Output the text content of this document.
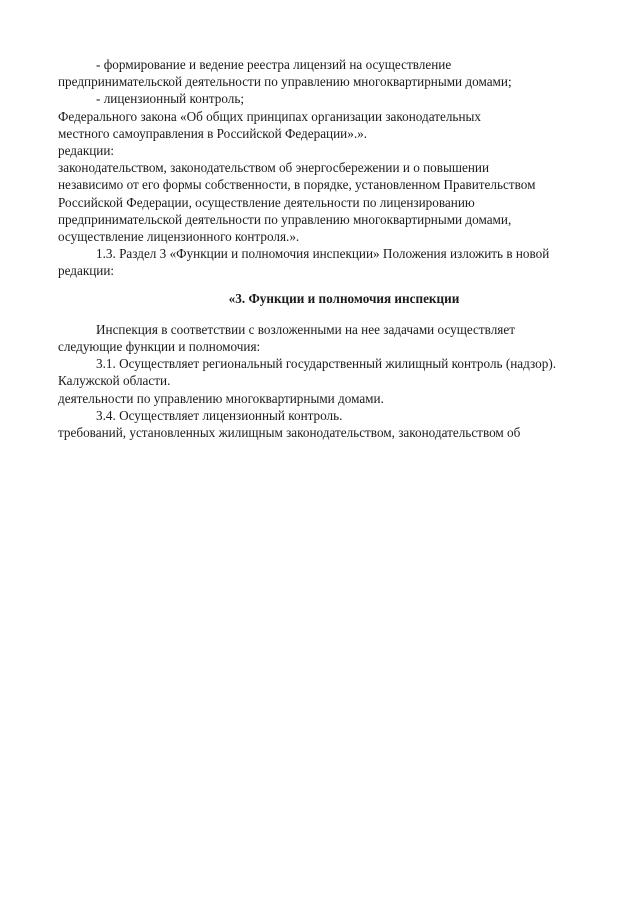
- формирование и ведение реестра лицензий на осуществление

предпринимательской деятельности по управлению многоквартирными домами;

- лицензионный контроль;

Федерального закона «Об общих принципах организации законодательных

местного самоуправления в Российской Федерации».».

редакции:

законодательством, законодательством об энергосбережении и о повышении

независимо от его формы собственности, в порядке, установленном Правительством

Российской Федерации, осуществление деятельности по лицензированию

предпринимательской деятельности по управлению многоквартирными домами,

осуществление лицензионного контроля.».

1.3. Раздел 3 «Функции и полномочия инспекции» Положения изложить в новой

редакции:

«3. Функции и полномочия инспекции

Инспекция в соответствии с возложенными на нее задачами осуществляет

следующие функции и полномочия:

3.1. Осуществляет региональный государственный жилищный контроль (надзор).

Калужской области.

деятельности по управлению многоквартирными домами.

3.4. Осуществляет лицензионный контроль.

требований, установленных жилищным законодательством, законодательством об
